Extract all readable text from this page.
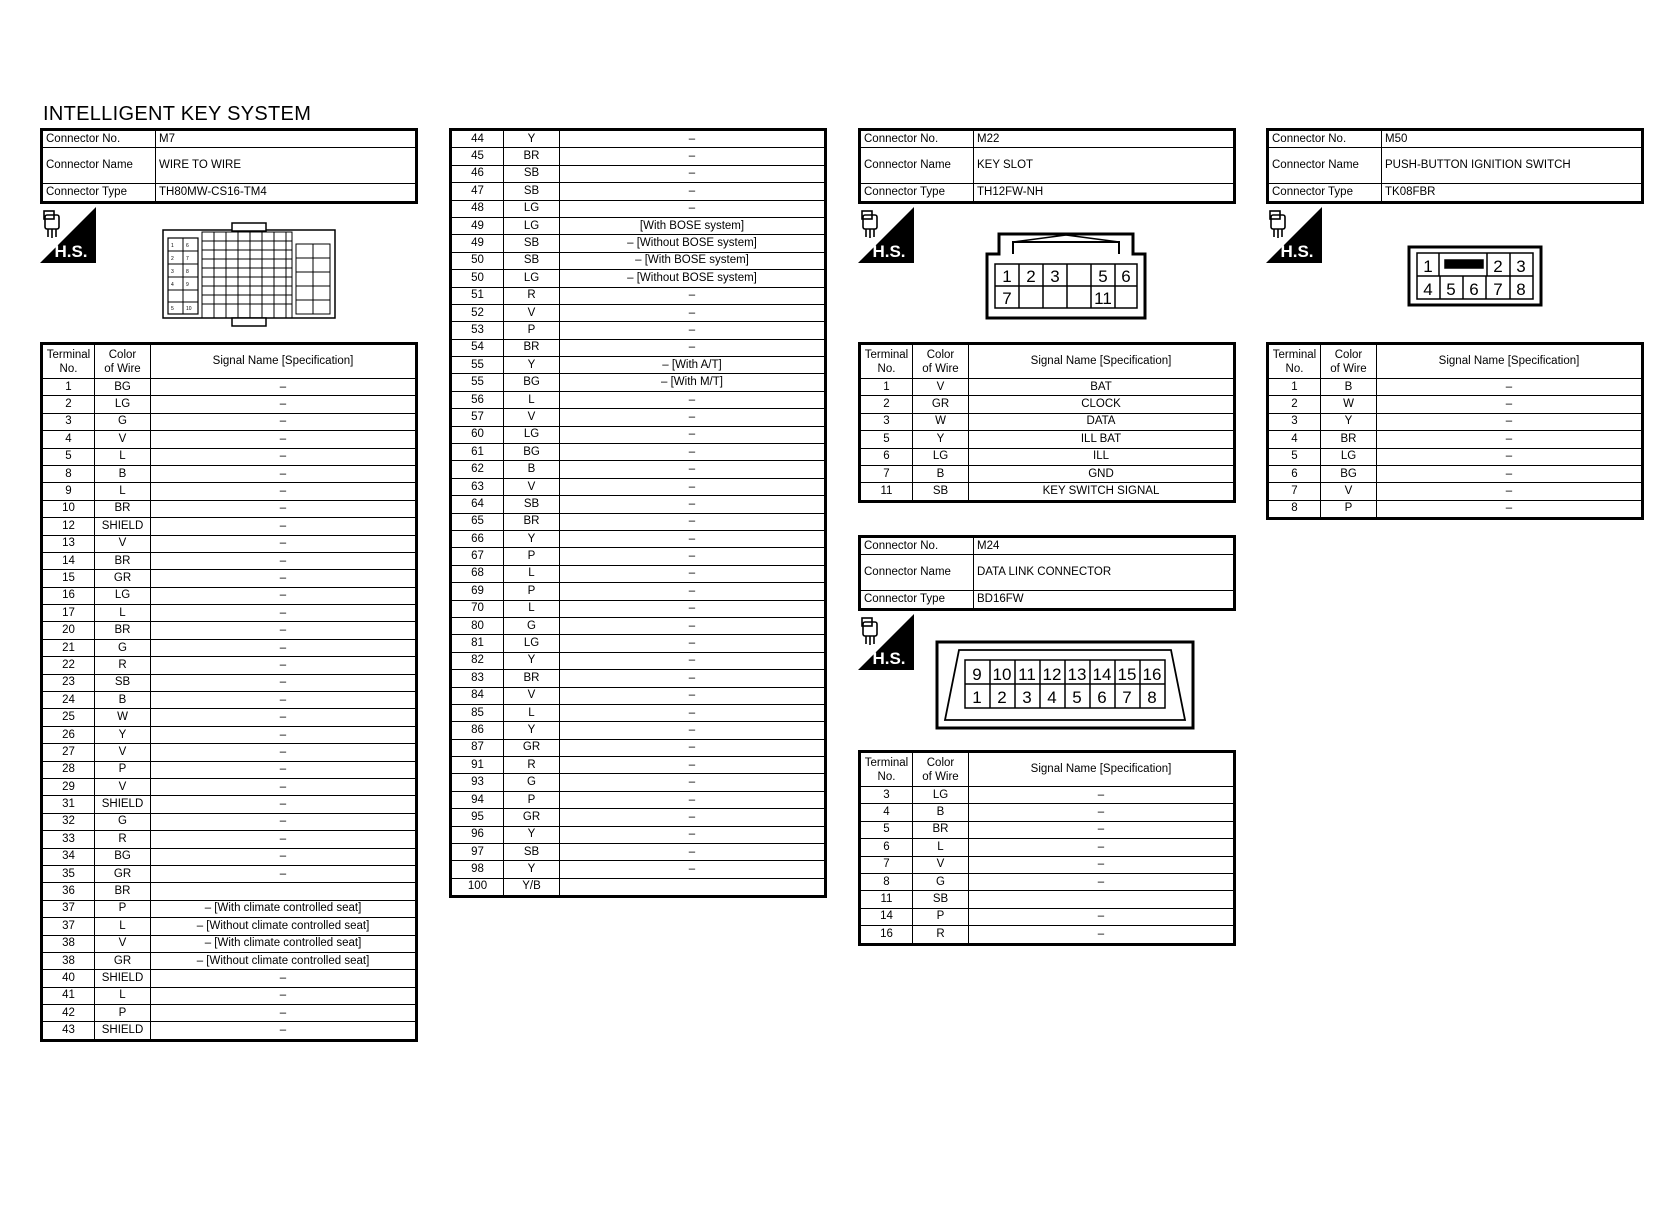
INTELLIGENT KEY SYSTEM
Connector No.	M7
Connector Name	WIRE TO WIRE
Connector Type	TH80MW-CS16-TM4
H.S.	1 6
2 7
3 8
4 9
5 10
Terminal
No.	Color
of Wire	Signal Name [Specification]
1	BG	–
2	LG	–
3	G	–
4	V	–
5	L	–
8	B	–
9	L	–
10	BR	–
12	SHIELD	–
13	V	–
14	BR	–
15	GR	–
16	LG	–
17	L	–
20	BR	–
21	G	–
22	R	–
23	SB	–
24	B	–
25	W	–
26	Y	–
27	V	–
28	P	–
29	V	–
31	SHIELD	–
32	G	–
33	R	–
34	BG	–
35	GR	–
36	BR	
37	P	– [With climate controlled seat]
37	L	– [Without climate controlled seat]
38	V	– [With climate controlled seat]
38	GR	– [Without climate controlled seat]
40	SHIELD	–
41	L	–
42	P	–
43	SHIELD	–
44	Y	–
45	BR	–
46	SB	–
47	SB	–
48	LG	–
49	LG	[With BOSE system]
49	SB	– [Without BOSE system]
50	SB	– [With BOSE system]
50	LG	– [Without BOSE system]
51	R	–
52	V	–
53	P	–
54	BR	–
55	Y	– [With A/T]
55	BG	– [With M/T]
56	L	–
57	V	–
60	LG	–
61	BG	–
62	B	–
63	V	–
64	SB	–
65	BR	–
66	Y	–
67	P	–
68	L	–
69	P	–
70	L	–
80	G	–
81	LG	–
82	Y	–
83	BR	–
84	V	–
85	L	–
86	Y	–
87	GR	–
91	R	–
93	G	–
94	P	–
95	GR	–
96	Y	–
97	SB	–
98	Y	–
100	Y/B	
Connector No.	M22
Connector Name	KEY SLOT
Connector Type	TH12FW-NH
H.S.
1 2 3 5 6
7	11
Terminal
No.	Color
of Wire	Signal Name [Specification]
1	V	BAT
2	GR	CLOCK
3	W	DATA
5	Y	ILL BAT
6	LG	ILL
7	B	GND
11	SB	KEY SWITCH SIGNAL
Connector No.	M24
Connector Name	DATA LINK CONNECTOR
Connector Type	BD16FW
H.S.
9 10 11 12 13 14 15 16
1 2 3 4 5 6 7 8
Terminal
No.	Color
of Wire	Signal Name [Specification]
3	LG	–
4	B	–
5	BR	–
6	L	–
7	V	–
8	G	–
11	SB	
14	P	–
16	R	–
Connector No.	M50
Connector Name	PUSH-BUTTON IGNITION SWITCH
Connector Type	TK08FBR
H.S.
1	2 3
4 5 6 7 8
Terminal
No.	Color
of Wire	Signal Name [Specification]
1	B	–
2	W	–
3	Y	–
4	BR	–
5	LG	–
6	BG	–
7	V	–
8	P	–
